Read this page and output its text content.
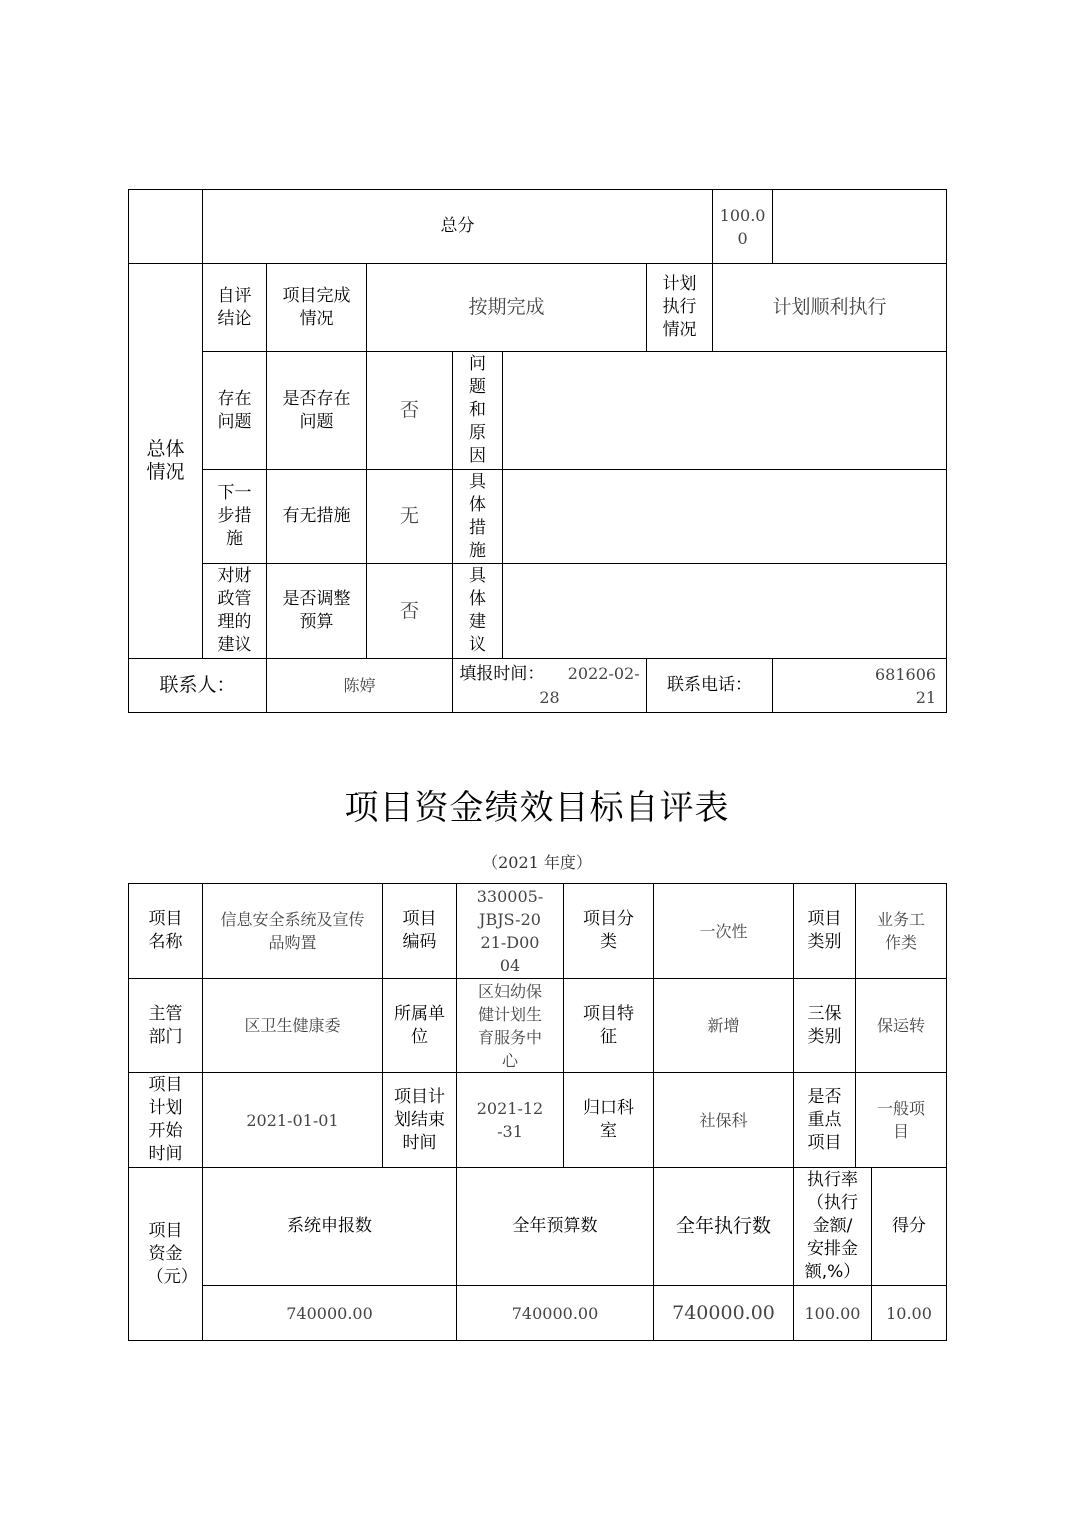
	总分						100.00	

总体情况	自评结论	项目完成情况	按期完成			计划执行情况	计划顺利执行	

	存在问题	是否存在问题	否	问题和原因				

	下一步措施	有无措施	无	具体措施				

	对财政管理的建议	是否调整预算	否	具体建议				

联系人：		陈婷		填报时间： 2022-02-28		联系电话：		68160621
项目资金绩效目标自评表
（2021 年度）
项目名称	信息安全系统及宣传品购置	项目编码	330005-JBJS-2021-D0004	项目分类	一次性	项目类别	业务工作类	

主管部门	区卫生健康委	所属单位	区妇幼保健计划生育服务中心	项目特征	新增	三保类别	保运转	

项目计划开始时间	2021-01-01	项目计划结束时间	2021-12-31	归口科室	社保科	是否重点项目	一般项目	

项目资金（元）	系统申报数		全年预算数		全年执行数	执行率（执行金额/安排金额,%）		得分
	740000.00		740000.00		740000.00	100.00		10.00
